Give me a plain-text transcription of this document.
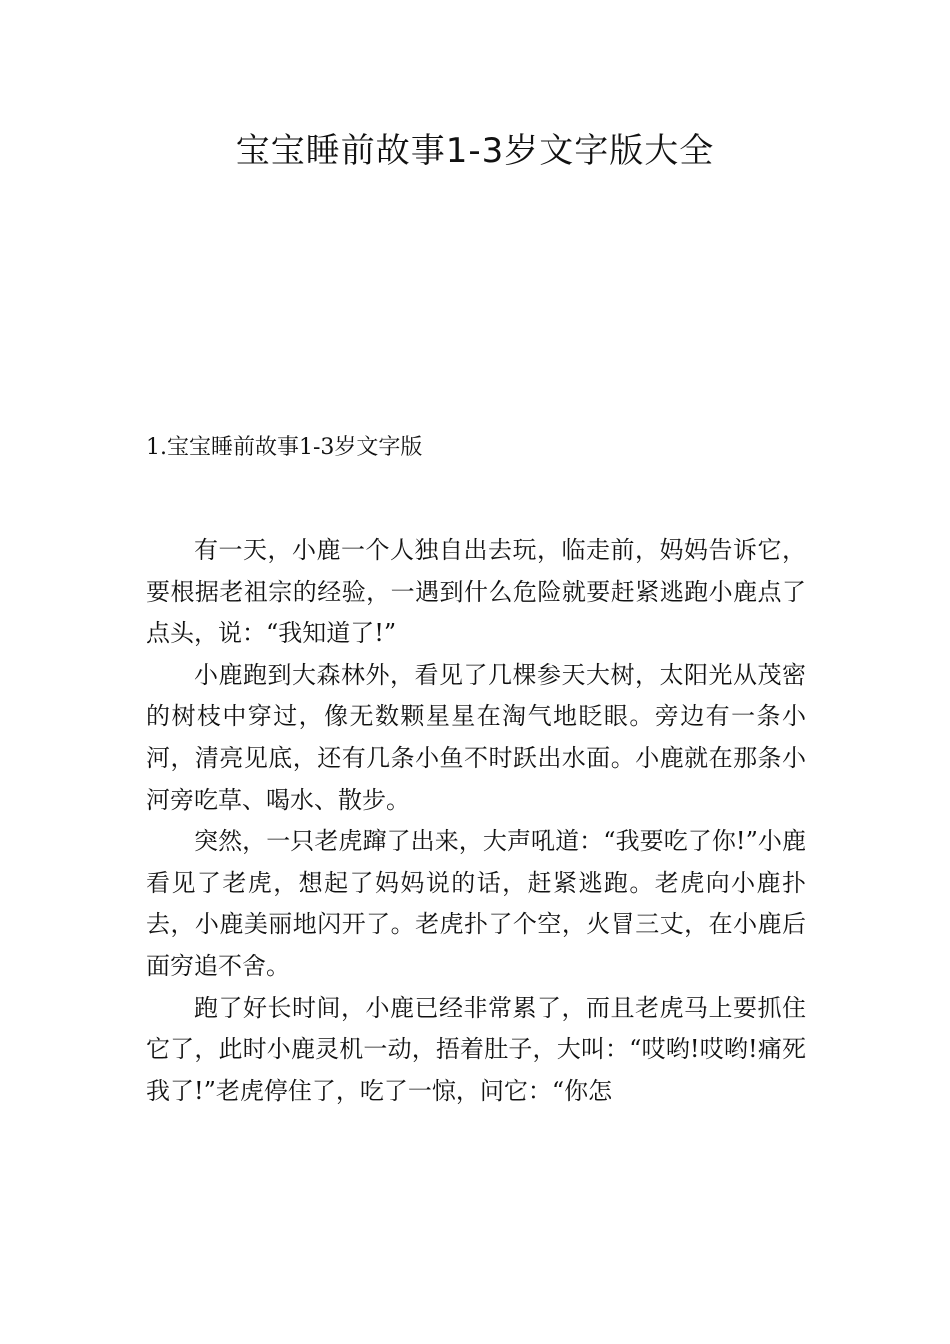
宝宝睡前故事1-3岁文字版大全
1.宝宝睡前故事1-3岁文字版

有一天，小鹿一个人独自出去玩，临走前，妈妈告诉它，要根据老祖宗的经验，一遇到什么危险就要赶紧逃跑小鹿点了点头，说：“我知道了!”

小鹿跑到大森林外，看见了几棵参天大树，太阳光从茂密的树枝中穿过，像无数颗星星在淘气地眨眼。旁边有一条小河，清亮见底，还有几条小鱼不时跃出水面。小鹿就在那条小河旁吃草、喝水、散步。

突然，一只老虎蹿了出来，大声吼道：“我要吃了你!”小鹿看见了老虎，想起了妈妈说的话，赶紧逃跑。老虎向小鹿扑去，小鹿美丽地闪开了。老虎扑了个空，火冒三丈，在小鹿后面穷追不舍。

跑了好长时间，小鹿已经非常累了，而且老虎马上要抓住它了，此时小鹿灵机一动，捂着肚子，大叫：“哎哟!哎哟!痛死我了!”老虎停住了，吃了一惊，问它：“你怎
